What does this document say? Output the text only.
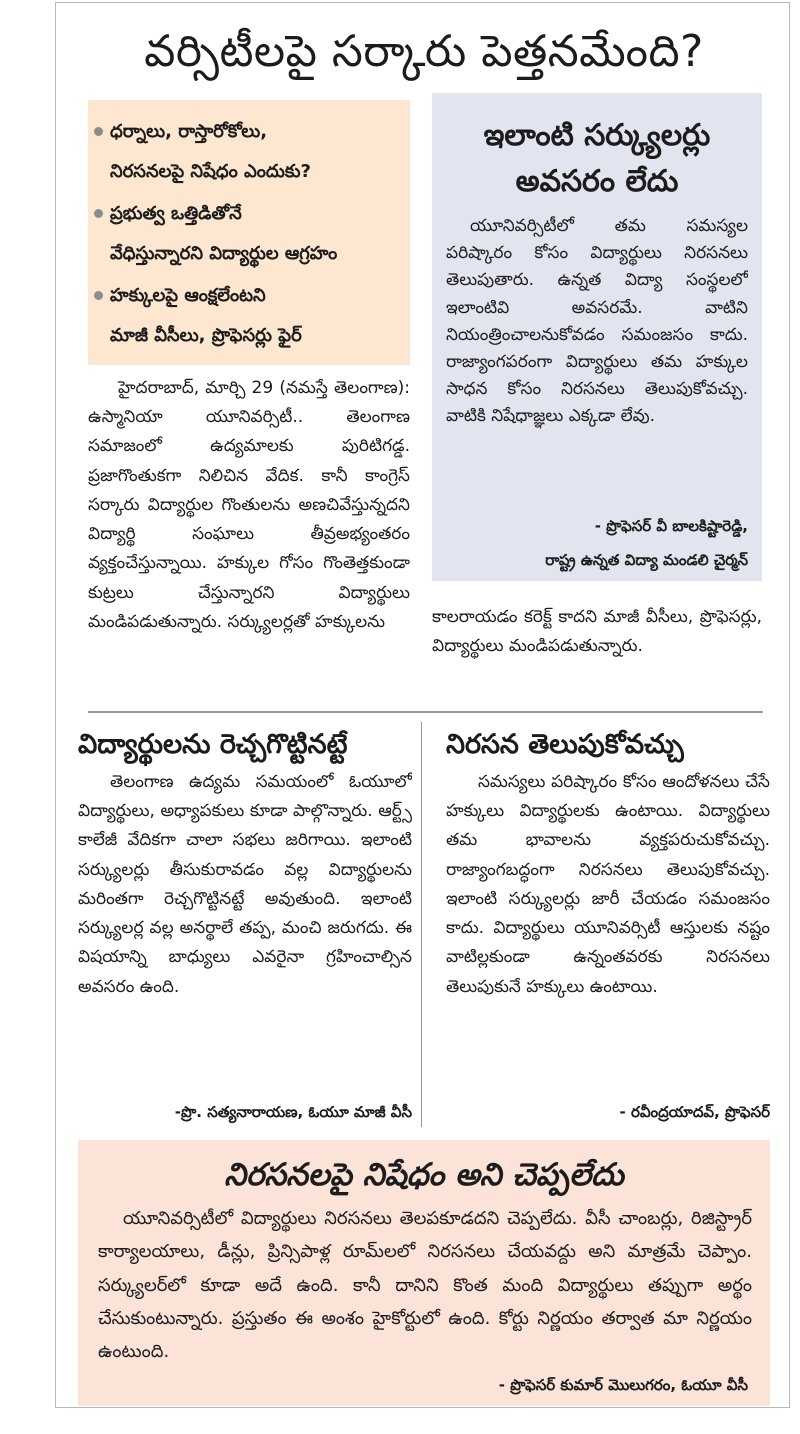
వర్సిటీలపై సర్కారు పెత్తనమేంది?
ధర్నాలు, రాస్తారోకోలు,
నిరసనలపై నిషేధం ఎందుకు?
ప్రభుత్వ ఒత్తిడితోనే
వేధిస్తున్నారని విద్యార్థుల ఆగ్రహం
హక్కులపై ఆంక్షలేంటని
మాజీ వీసీలు, ప్రొఫెసర్లు ఫైర్
ఇలాంటి సర్క్యులర్లు
అవసరం లేదు
యూనివర్సిటీలో తమ సమస్యల పరిష్కారం కోసం విద్యార్థులు నిరసనలు తెలుపుతారు. ఉన్నత విద్యా సంస్థలలో ఇలాంటివి అవసరమే. వాటిని నియంత్రించాలనుకోవడం సమంజసం కాదు. రాజ్యాంగపరంగా విద్యార్థులు తమ హక్కుల సాధన కోసం నిరసనలు తెలుపుకోవచ్చు. వాటికి నిషేధాజ్ఞలు ఎక్కడా లేవు.
- ప్రొఫెసర్ వీ బాలకిష్టారెడ్డి,
రాష్ట్ర ఉన్నత విద్యా మండలి చైర్మన్
హైదరాబాద్, మార్చి 29 (నమస్తే తెలంగాణ): ఉస్మానియా యూనివర్సిటీ.. తెలంగాణ సమాజంలో ఉద్యమాలకు పురిటిగడ్డ. ప్రజాగొంతుకగా నిలిచిన వేదిక. కానీ కాంగ్రెస్ సర్కారు విద్యార్థుల గొంతులను అణచివేస్తున్నదని విద్యార్థి సంఘాలు తీవ్రఅభ్యంతరం వ్యక్తంచేస్తున్నాయి. హక్కుల గోసం గొంతెత్తకుండా కుట్రలు చేస్తున్నారని విద్యార్థులు మండిపడుతున్నారు. సర్క్యులర్లతో హక్కులను	కాలరాయడం కరెక్ట్ కాదని మాజీ వీసీలు, ప్రొఫెసర్లు, విద్యార్థులు మండిపడుతున్నారు.
విద్యార్థులను రెచ్చగొట్టినట్టే
తెలంగాణ ఉద్యమ సమయంలో ఓయూలో విద్యార్థులు, అధ్యాపకులు కూడా పాల్గొన్నారు. ఆర్ట్స్ కాలేజీ వేదికగా చాలా సభలు జరిగాయి. ఇలాంటి సర్క్యులర్లు తీసుకురావడం వల్ల విద్యార్థులను మరింతగా రెచ్చగొట్టినట్టే అవుతుంది. ఇలాంటి సర్క్యులర్ల వల్ల అనర్థాలే తప్ప, మంచి జరుగదు. ఈ విషయాన్ని బాధ్యులు ఎవరైనా గ్రహించాల్సిన అవసరం ఉంది.
-ప్రొ. సత్యనారాయణ, ఓయూ మాజీ వీసీ
నిరసన తెలుపుకోవచ్చు
సమస్యలు పరిష్కారం కోసం ఆందోళనలు చేసే హక్కులు విద్యార్థులకు ఉంటాయి. విద్యార్థులు తమ భావాలను వ్యక్తపరుచుకోవచ్చు. రాజ్యాంగబద్ధంగా నిరసనలు తెలుపుకోవచ్చు. ఇలాంటి సర్క్యులర్లు జారీ చేయడం సమంజసం కాదు. విద్యార్థులు యూనివర్సిటీ ఆస్తులకు నష్టం వాటిల్లకుండా ఉన్నంతవరకు నిరసనలు తెలుపుకునే హక్కులు ఉంటాయి.
- రవీంద్రయాదవ్, ప్రొఫెసర్
నిరసనలపై నిషేధం అని చెప్పలేదు
యూనివర్సిటీలో విద్యార్థులు నిరసనలు తెలపకూడదని చెప్పలేదు. వీసీ చాంబర్లు, రిజిస్ట్రార్ కార్యాలయాలు, డీన్లు, ప్రిన్సిపాళ్ల రూమ్‌లలో నిరసనలు చేయవద్దు అని మాత్రమే చెప్పాం. సర్క్యులర్‌లో కూడా అదే ఉంది. కానీ దానిని కొంత మంది విద్యార్థులు తప్పుగా అర్థం చేసుకుంటున్నారు. ప్రస్తుతం ఈ అంశం హైకోర్టులో ఉంది. కోర్టు నిర్ణయం తర్వాత మా నిర్ణయం ఉంటుంది.
- ప్రొఫెసర్ కుమార్ మొలుగరం, ఓయూ వీసీ
